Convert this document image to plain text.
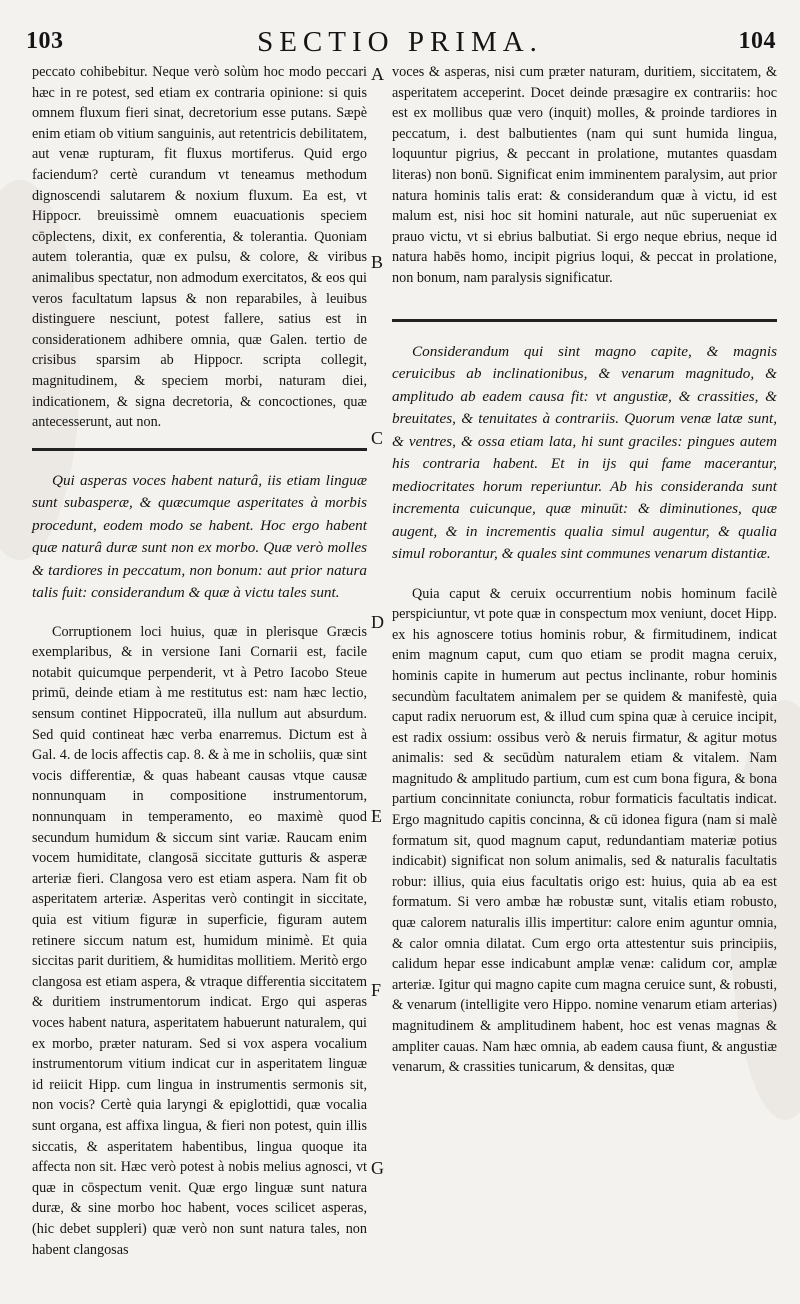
103	SECTIO PRIMA.	104
A
B
C
D
E
F
G

peccato cohibebitur. Neque verò solùm hoc modo peccari hæc in re potest, sed etiam ex contraria opinione: si quis omnem fluxum fieri sinat, decretorium esse putans. Sæpè enim etiam ob vitium sanguinis, aut retentricis debilitatem, aut venæ rupturam, fit fluxus mortiferus. Quid ergo faciendum? certè curandum vt teneamus methodum dignoscendi salutarem & noxium fluxum. Ea est, vt Hippocr. breuissimè omnem euacuationis speciem cōplectens, dixit, ex conferentia, & tolerantia. Quoniam autem tolerantia, quæ ex pulsu, & colore, & viribus animalibus spectatur, non admodum exercitatos, & eos qui veros facultatum lapsus & non reparabiles, à leuibus distinguere nesciunt, potest fallere, satius est in considerationem adhibere omnia, quæ Galen. tertio de crisibus sparsim ab Hippocr. scripta collegit, magnitudinem, & speciem morbi, naturam diei, indicationem, & signa decretoria, & concoctiones, quæ antecesserunt, aut non.

Qui asperas voces habent naturâ, iis etiam linguæ sunt subasperæ, & quæcumque asperitates à morbis procedunt, eodem modo se habent. Hoc ergo habent quæ naturâ duræ sunt non ex morbo. Quæ verò molles & tardiores in peccatum, non bonum: aut prior natura talis fuit: considerandum & quæ à victu tales sunt.

Corruptionem loci huius, quæ in plerisque Græcis exemplaribus, & in versione Iani Cornarii est, facile notabit quicumque perpenderit, vt à Petro Iacobo Steue primū, deinde etiam à me restitutus est: nam hæc lectio, sensum continet Hippocrateū, illa nullum aut absurdum. Sed quid contineat hæc verba enarremus. Dictum est à Gal. 4. de locis affectis cap. 8. & à me in scholiis, quæ sint vocis differentiæ, & quas habeant causas vtque causæ nonnunquam in compositione instrumentorum, nonnunquam in temperamento, eo maximè quod secundum humidum & siccum sint variæ. Raucam enim vocem humiditate, clangosā siccitate gutturis & asperæ arteriæ fieri. Clangosa vero est etiam aspera. Nam fit ob asperitatem arteriæ. Asperitas verò contingit in siccitate, quia est vitium figuræ in superficie, figuram autem retinere siccum natum est, humidum minimè. Et quia siccitas parit duritiem, & humiditas mollitiem. Meritò ergo clangosa est etiam aspera, & vtraque differentia siccitatem & duritiem instrumentorum indicat. Ergo qui asperas voces habent natura, asperitatem habuerunt naturalem, qui ex morbo, præter naturam. Sed si vox aspera vocalium instrumentorum vitium indicat cur in asperitatem linguæ id reiicit Hipp. cum lingua in instrumentis sermonis sit, non vocis? Certè quia laryngi & epiglottidi, quæ vocalia sunt organa, est affixa lingua, & fieri non potest, quin illis siccatis, & asperitatem habentibus, lingua quoque ita affecta non sit. Hæc verò potest à nobis melius agnosci, vt quæ in cōspectum venit. Quæ ergo linguæ sunt natura duræ, & sine morbo hoc habent, voces scilicet asperas, (hic debet suppleri) quæ verò non sunt natura tales, non habent clangosas

voces & asperas, nisi cum præter naturam, duritiem, siccitatem, & asperitatem acceperint. Docet deinde præsagire ex contrariis: hoc est ex mollibus quæ vero (inquit) molles, & proinde tardiores in peccatum, i. dest balbutientes (nam qui sunt humida lingua, loquuntur pigrius, & peccant in prolatione, mutantes quasdam literas) non bonū. Significat enim imminentem paralysim, aut prior natura hominis talis erat: & considerandum quæ à victu, id est malum est, nisi hoc sit homini naturale, aut nūc superueniat ex prauo victu, vt si ebrius balbutiat. Si ergo neque ebrius, neque id natura habēs homo, incipit pigrius loqui, & peccat in prolatione, non bonum, nam paralysis significatur.

Considerandum qui sint magno capite, & magnis ceruicibus ab inclinationibus, & venarum magnitudo, & amplitudo ab eadem causa fit: vt angustiæ, & crassities, & breuitates, & tenuitates à contrariis. Quorum venæ latæ sunt, & ventres, & ossa etiam lata, hi sunt graciles: pingues autem his contraria habent. Et in ijs qui fame macerantur, mediocritates horum reperiuntur. Ab his consideranda sunt incrementa cuicunque, quæ minuūt: & diminutiones, quæ augent, & in incrementis qualia simul augentur, & qualia simul roborantur, & quales sint communes venarum distantiæ.

Quia caput & ceruix occurrentium nobis hominum facilè perspiciuntur, vt pote quæ in conspectum mox veniunt, docet Hipp. ex his agnoscere totius hominis robur, & firmitudinem, indicat enim magnum caput, cum quo etiam se prodit magna ceruix, hominis capite in humerum aut pectus inclinante, robur hominis secundùm facultatem animalem per se quidem & manifestè, quia caput radix neruorum est, & illud cum spina quæ à ceruice incipit, est radix ossium: ossibus verò & neruis firmatur, & agitur motus animalis: sed & secūdùm naturalem etiam & vitalem. Nam magnitudo & amplitudo partium, cum est cum bona figura, & bona partium concinnitate coniuncta, robur formaticis facultatis indicat. Ergo magnitudo capitis concinna, & cū idonea figura (nam si malè formatum sit, quod magnum caput, redundantiam materiæ potius indicabit) significat non solum animalis, sed & naturalis facultatis robur: illius, quia eius facultatis origo est: huius, quia ab ea est formatum. Si vero ambæ hæ robustæ sunt, vitalis etiam robusto, quæ calorem naturalis illis impertitur: calore enim aguntur omnia, & calor omnia dilatat. Cum ergo orta attestentur suis principiis, calidum hepar esse indicabunt amplæ venæ: calidum cor, amplæ arteriæ. Igitur qui magno capite cum magna ceruice sunt, & robusti, & venarum (intelligite vero Hippo. nomine venarum etiam arterias) magnitudinem & amplitudinem habent, hoc est venas magnas & ampliter cauas. Nam hæc omnia, ab eadem causa fiunt, & angustiæ venarum, & crassities tunicarum, & densitas, quæ
